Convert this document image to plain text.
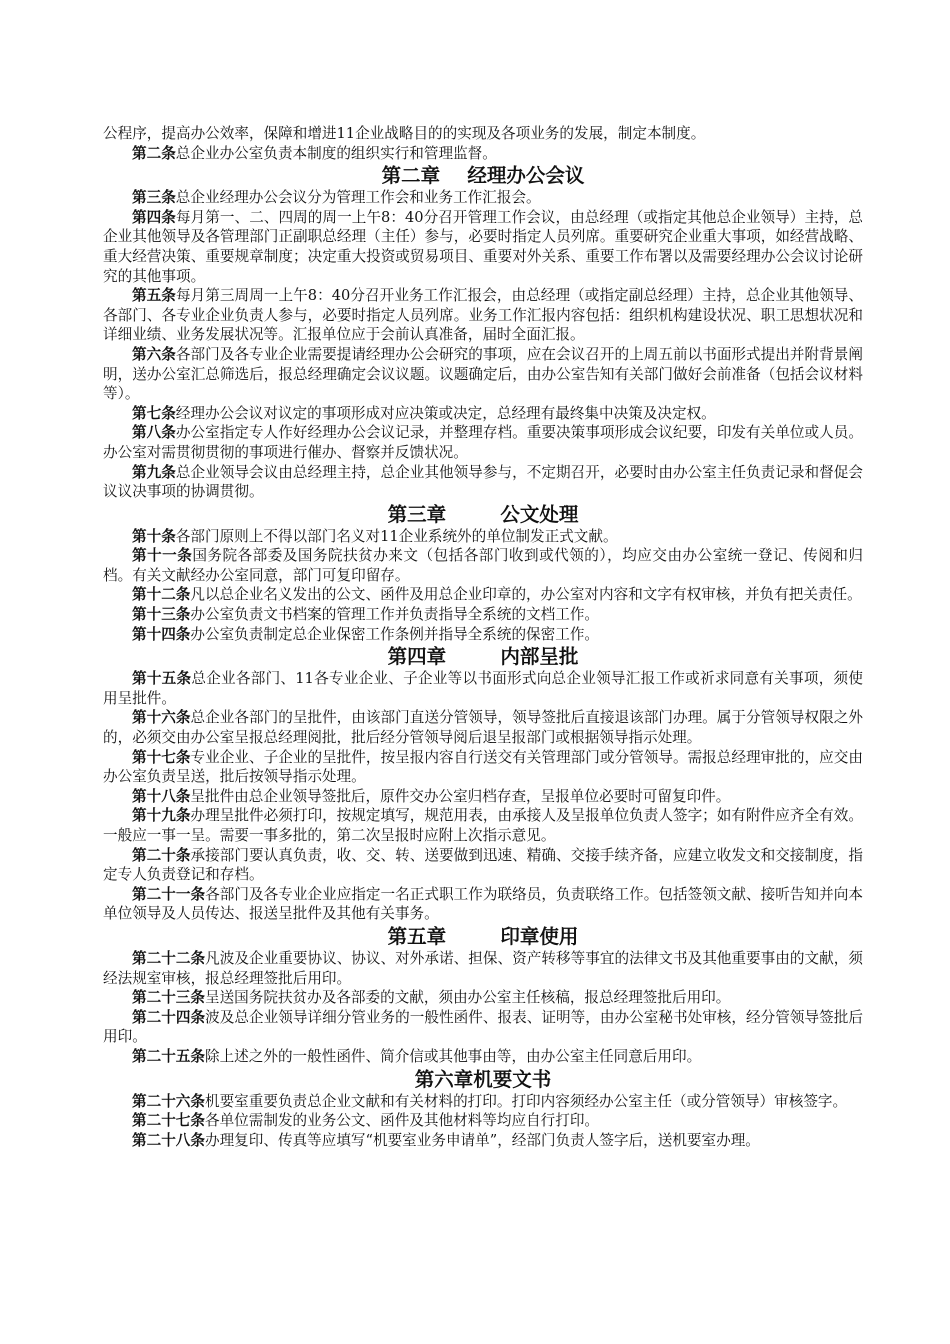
公程序，提高办公效率，保障和增进11企业战略目的的实现及各项业务的发展，制定本制度。

第二条总企业办公室负责本制度的组织实行和管理监督。

第二章    经理办公会议

第三条总企业经理办公会议分为管理工作会和业务工作汇报会。

第四条每月第一、二、四周的周一上午8：40分召开管理工作会议，由总经理（或指定其他总企业领导）主持，总企业其他领导及各管理部门正副职总经理（主任）参与，必要时指定人员列席。重要研究企业重大事项，如经营战略、重大经营决策、重要规章制度；决定重大投资或贸易项目、重要对外关系、重要工作布署以及需要经理办公会议讨论研究的其他事项。

第五条每月第三周周一上午8：40分召开业务工作汇报会，由总经理（或指定副总经理）主持，总企业其他领导、各部门、各专业企业负责人参与，必要时指定人员列席。业务工作汇报内容包括：组织机构建设状况、职工思想状况和详细业绩、业务发展状况等。汇报单位应于会前认真准备，届时全面汇报。

第六条各部门及各专业企业需要提请经理办公会研究的事项，应在会议召开的上周五前以书面形式提出并附背景阐明，送办公室汇总筛选后，报总经理确定会议议题。议题确定后，由办公室告知有关部门做好会前准备（包括会议材料等）。

第七条经理办公会议对议定的事项形成对应决策或决定，总经理有最终集中决策及决定权。

第八条办公室指定专人作好经理办公会议记录，并整理存档。重要决策事项形成会议纪要，印发有关单位或人员。办公室对需贯彻贯彻的事项进行催办、督察并反馈状况。

第九条总企业领导会议由总经理主持，总企业其他领导参与，不定期召开，必要时由办公室主任负责记录和督促会议议决事项的协调贯彻。

第三章        公文处理

第十条各部门原则上不得以部门名义对11企业系统外的单位制发正式文献。

第十一条国务院各部委及国务院扶贫办来文（包括各部门收到或代领的），均应交由办公室统一登记、传阅和归档。有关文献经办公室同意，部门可复印留存。

第十二条凡以总企业名义发出的公文、函件及用总企业印章的，办公室对内容和文字有权审核，并负有把关责任。

第十三条办公室负责文书档案的管理工作并负责指导全系统的文档工作。

第十四条办公室负责制定总企业保密工作条例并指导全系统的保密工作。

第四章        内部呈批

第十五条总企业各部门、11各专业企业、子企业等以书面形式向总企业领导汇报工作或祈求同意有关事项，须使用呈批件。

第十六条总企业各部门的呈批件，由该部门直送分管领导，领导签批后直接退该部门办理。属于分管领导权限之外的，必须交由办公室呈报总经理阅批，批后经分管领导阅后退呈报部门或根据领导指示处理。

第十七条专业企业、子企业的呈批件，按呈报内容自行送交有关管理部门或分管领导。需报总经理审批的，应交由办公室负责呈送，批后按领导指示处理。

第十八条呈批件由总企业领导签批后，原件交办公室归档存查，呈报单位必要时可留复印件。

第十九条办理呈批件必须打印，按规定填写，规范用表，由承接人及呈报单位负责人签字；如有附件应齐全有效。一般应一事一呈。需要一事多批的，第二次呈报时应附上次指示意见。

第二十条承接部门要认真负责，收、交、转、送要做到迅速、精确、交接手续齐备，应建立收发文和交接制度，指定专人负责登记和存档。

第二十一条各部门及各专业企业应指定一名正式职工作为联络员，负责联络工作。包括签领文献、接听告知并向本单位领导及人员传达、报送呈批件及其他有关事务。

第五章        印章使用

第二十二条凡波及企业重要协议、协议、对外承诺、担保、资产转移等事宜的法律文书及其他重要事由的文献，须经法规室审核，报总经理签批后用印。

第二十三条呈送国务院扶贫办及各部委的文献，须由办公室主任核稿，报总经理签批后用印。

第二十四条波及总企业领导详细分管业务的一般性函件、报表、证明等，由办公室秘书处审核，经分管领导签批后用印。

第二十五条除上述之外的一般性函件、简介信或其他事由等，由办公室主任同意后用印。

第六章机要文书

第二十六条机要室重要负责总企业文献和有关材料的打印。打印内容须经办公室主任（或分管领导）审核签字。

第二十七条各单位需制发的业务公文、函件及其他材料等均应自行打印。

第二十八条办理复印、传真等应填写“机要室业务申请单”，经部门负责人签字后，送机要室办理。
